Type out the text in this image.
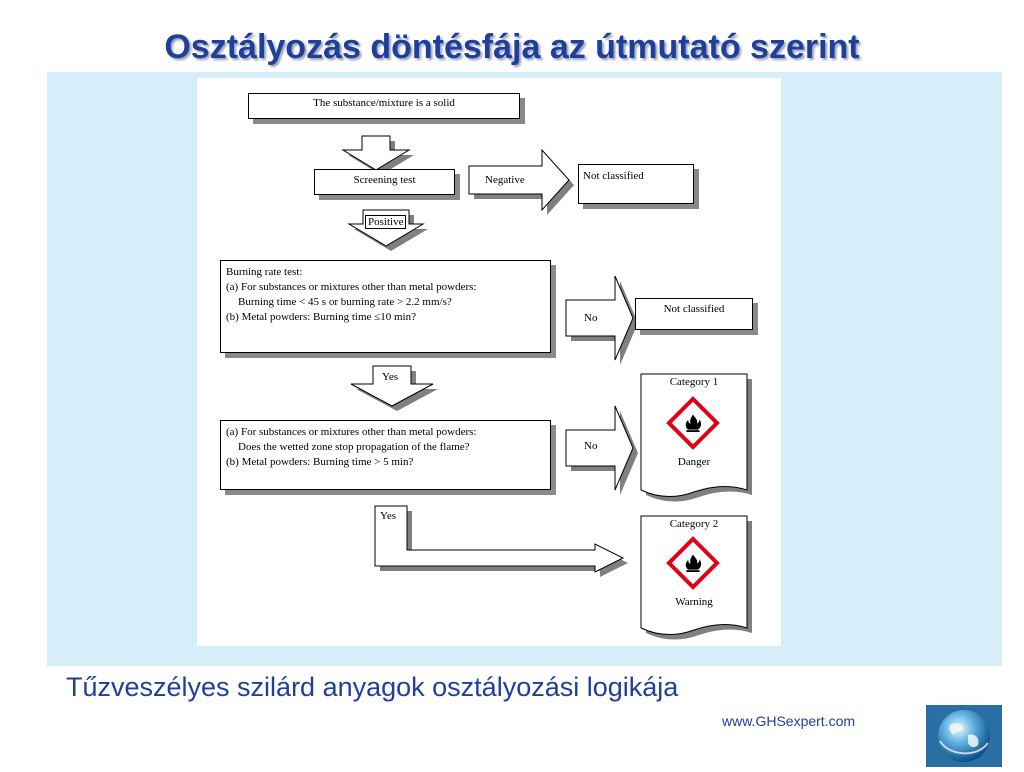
Osztályozás döntésfája az útmutató szerint
The substance/mixture is a solid
Screening test	Not classified
Burning rate test:
(a) For substances or mixtures other than metal powders:
Burning time < 45 s or burning rate > 2.2 mm/s?
(b) Metal powders: Burning time ≤10 min?
Not classified
(a) For substances or mixtures other than metal powders:
Does the wetted zone stop propagation of the flame?
(b) Metal powders: Burning time > 5 min?
Negative
Positive
No
Yes
No
Yes
Category 1
Danger
Category 2
Warning
Tűzveszélyes szilárd anyagok osztályozási logikája
www.GHSexpert.com
